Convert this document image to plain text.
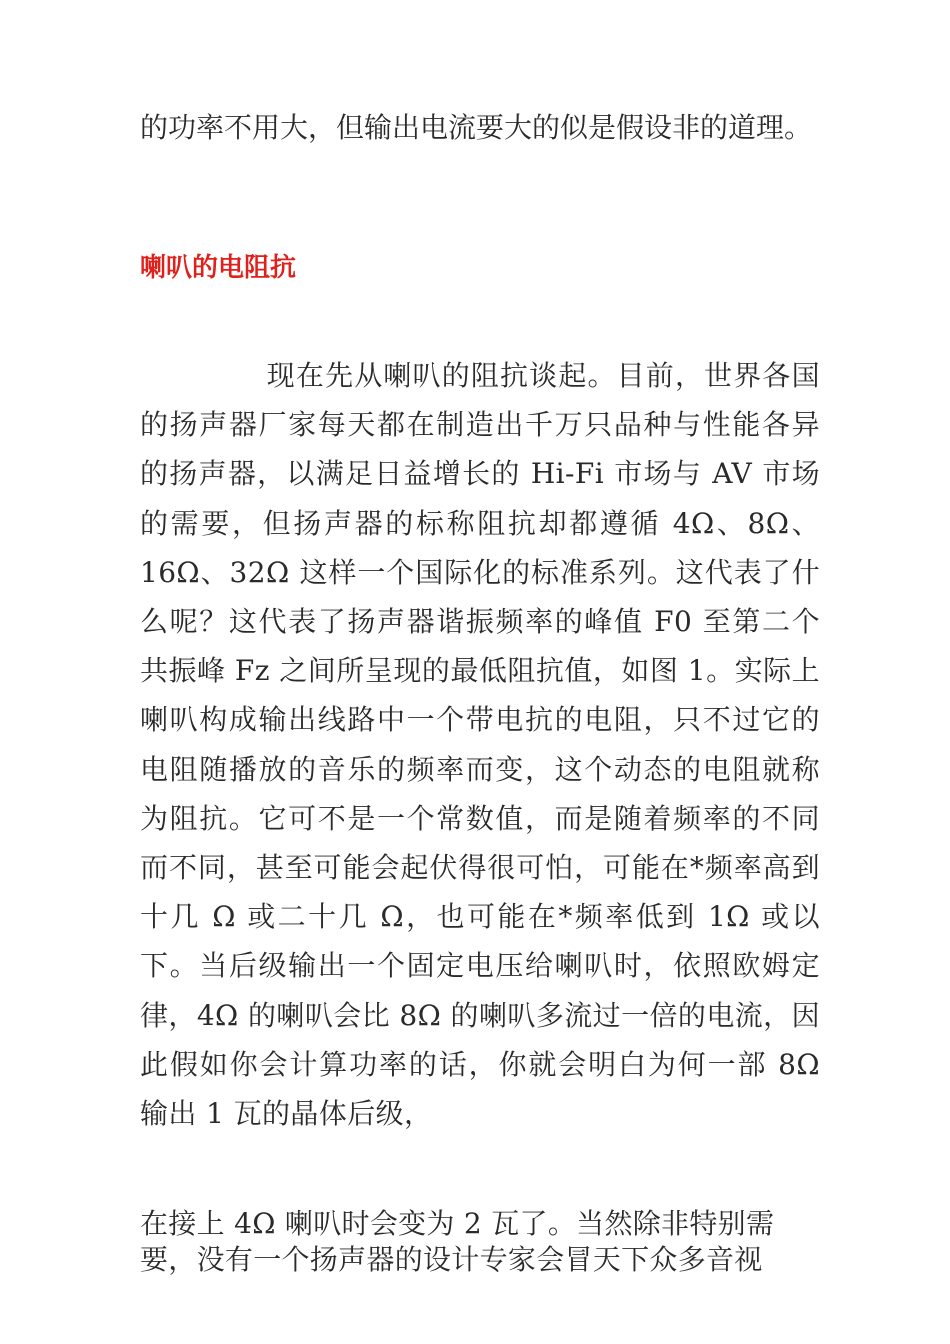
的功率不用大，但输出电流要大的似是假设非的道理。

喇叭的电阻抗

现在先从喇叭的阻抗谈起。目前，世界各国的扬声器厂家每天都在制造出千万只品种与性能各异的扬声器，以满足日益增长的 Hi-Fi 市场与 AV 市场的需要，但扬声器的标称阻抗却都遵循 4Ω、8Ω、16Ω、32Ω 这样一个国际化的标准系列。这代表了什么呢？这代表了扬声器谐振频率的峰值 F0 至第二个共振峰 Fz 之间所呈现的最低阻抗值，如图 1。实际上喇叭构成输出线路中一个带电抗的电阻，只不过它的电阻随播放的音乐的频率而变，这个动态的电阻就称为阻抗。它可不是一个常数值，而是随着频率的不同而不同，甚至可能会起伏得很可怕，可能在*频率高到十几 Ω 或二十几 Ω，也可能在*频率低到 1Ω 或以下。当后级输出一个固定电压给喇叭时，依照欧姆定律，4Ω 的喇叭会比 8Ω 的喇叭多流过一倍的电流，因此假如你会计算功率的话，你就会明白为何一部 8Ω 输出 1 瓦的晶体后级，

在接上 4Ω 喇叭时会变为 2 瓦了。当然除非特别需
要，没有一个扬声器的设计专家会冒天下众多音视
